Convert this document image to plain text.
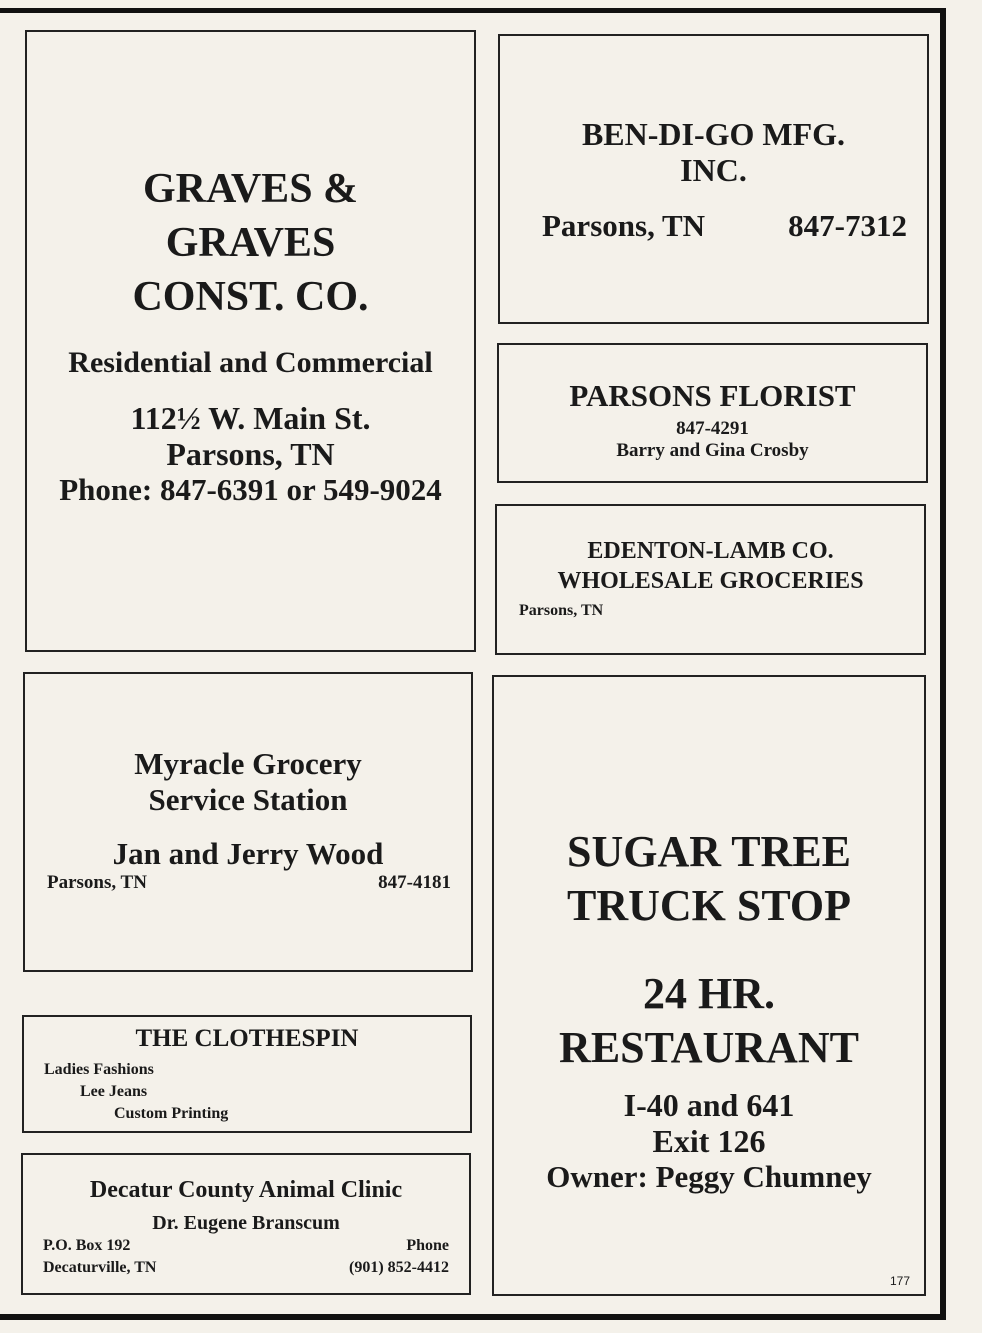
GRAVES &
GRAVES
CONST. CO.
Residential and Commercial
112½ W. Main St.
Parsons, TN
Phone: 847-6391 or 549-9024
BEN-DI-GO MFG.
INC.
Parsons, TN	847-7312
PARSONS FLORIST
847-4291
Barry and Gina Crosby
EDENTON-LAMB CO.
WHOLESALE GROCERIES
Parsons, TN
Myracle Grocery
Service Station
Jan and Jerry Wood
Parsons, TN	847-4181
SUGAR TREE
TRUCK STOP
24 HR.
RESTAURANT
I-40 and 641
Exit 126
Owner: Peggy Chumney
177
THE CLOTHESPIN
Ladies Fashions
Lee Jeans
Custom Printing
Decatur County Animal Clinic
Dr. Eugene Branscum
P.O. Box 192	Phone
Decaturville, TN	(901) 852-4412
